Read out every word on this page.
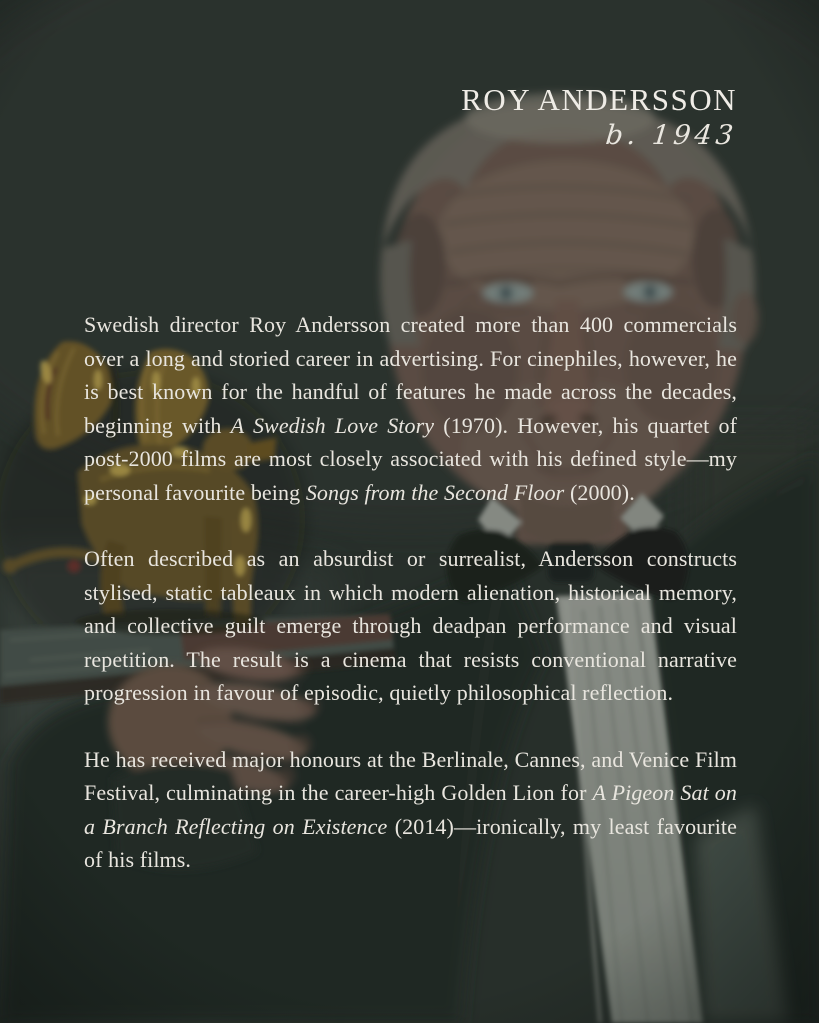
ROY ANDERSSON
b. 1943

Swedish director Roy Andersson created more than 400 commercials over a long and storied career in advertising. For cinephiles, however, he is best known for the handful of features he made across the decades, beginning with A Swedish Love Story (1970). However, his quartet of post-2000 films are most closely associated with his defined style—my personal favourite being Songs from the Second Floor (2000).

Often described as an absurdist or surrealist, Andersson constructs stylised, static tableaux in which modern alienation, historical memory, and collective guilt emerge through deadpan performance and visual repetition. The result is a cinema that resists conventional narrative progression in favour of episodic, quietly philosophical reflection.

He has received major honours at the Berlinale, Cannes, and Venice Film Festival, culminating in the career-high Golden Lion for A Pigeon Sat on a Branch Reflecting on Existence (2014)—ironically, my least favourite of his films.
